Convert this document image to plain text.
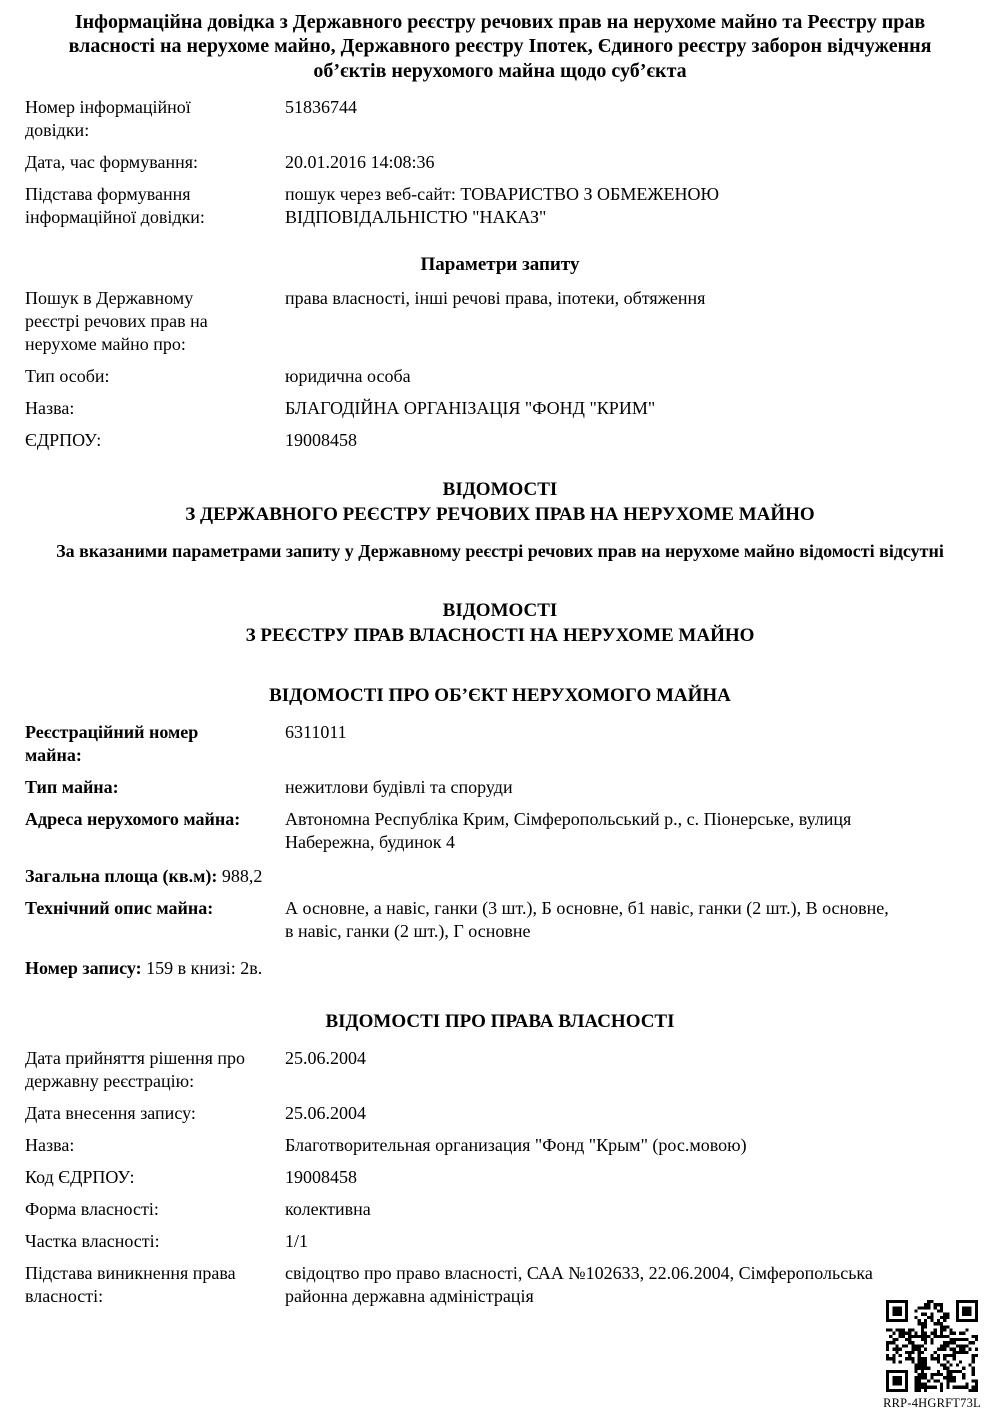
Інформаційна довідка з Державного реєстру речових прав на нерухоме майно та Реєстру прав власності на нерухоме майно, Державного реєстру Іпотек, Єдиного реєстру заборон відчуження об’єктів нерухомого майна щодо суб’єкта
Номер інформаційної довідки:
51836744
Дата, час формування:	20.01.2016 14:08:36
Підстава формування інформаційної довідки:
пошук через веб-сайт: ТОВАРИСТВО З ОБМЕЖЕНОЮ ВІДПОВІДАЛЬНІСТЮ "НАКАЗ"
Параметри запиту
Пошук в Державному реєстрі речових прав на нерухоме майно про:
права власності, інші речові права, іпотеки, обтяження
Тип особи:	юридична особа
Назва:	БЛАГОДІЙНА ОРГАНІЗАЦІЯ "ФОНД "КРИМ"
ЄДРПОУ:	19008458
ВІДОМОСТІ
З ДЕРЖАВНОГО РЕЄСТРУ РЕЧОВИХ ПРАВ НА НЕРУХОМЕ МАЙНО
За вказаними параметрами запиту у Державному реєстрі речових прав на нерухоме майно відомості відсутні
ВІДОМОСТІ
З РЕЄСТРУ ПРАВ ВЛАСНОСТІ НА НЕРУХОМЕ МАЙНО
ВІДОМОСТІ ПРО ОБ’ЄКТ НЕРУХОМОГО МАЙНА
Реєстраційний номер майна:
6311011
Тип майна:	нежитлови будівлі та споруди
Адреса нерухомого майна:	Автономна Республіка Крим, Сімферопольський р., с. Піонерське, вулиця Набережна, будинок 4
Загальна площа (кв.м): 988,2
Технічний опис майна:	А основне, а навіс, ганки (3 шт.), Б основне, б1 навіс, ганки (2 шт.), В основне, в навіс, ганки (2 шт.), Г основне
Номер запису: 159 в книзі: 2в.
ВІДОМОСТІ ПРО ПРАВА ВЛАСНОСТІ
Дата прийняття рішення про державну реєстрацію:
25.06.2004
Дата внесення запису:	25.06.2004
Назва:	Благотворительная организация "Фонд "Крым" (рос.мовою)
Код ЄДРПОУ:	19008458
Форма власності:	колективна
Частка власності:	1/1
Підстава виникнення права власності:
свідоцтво про право власності, САА №102633, 22.06.2004, Сімферопольська районна державна адміністрація
RRP-4HGRFT73L
